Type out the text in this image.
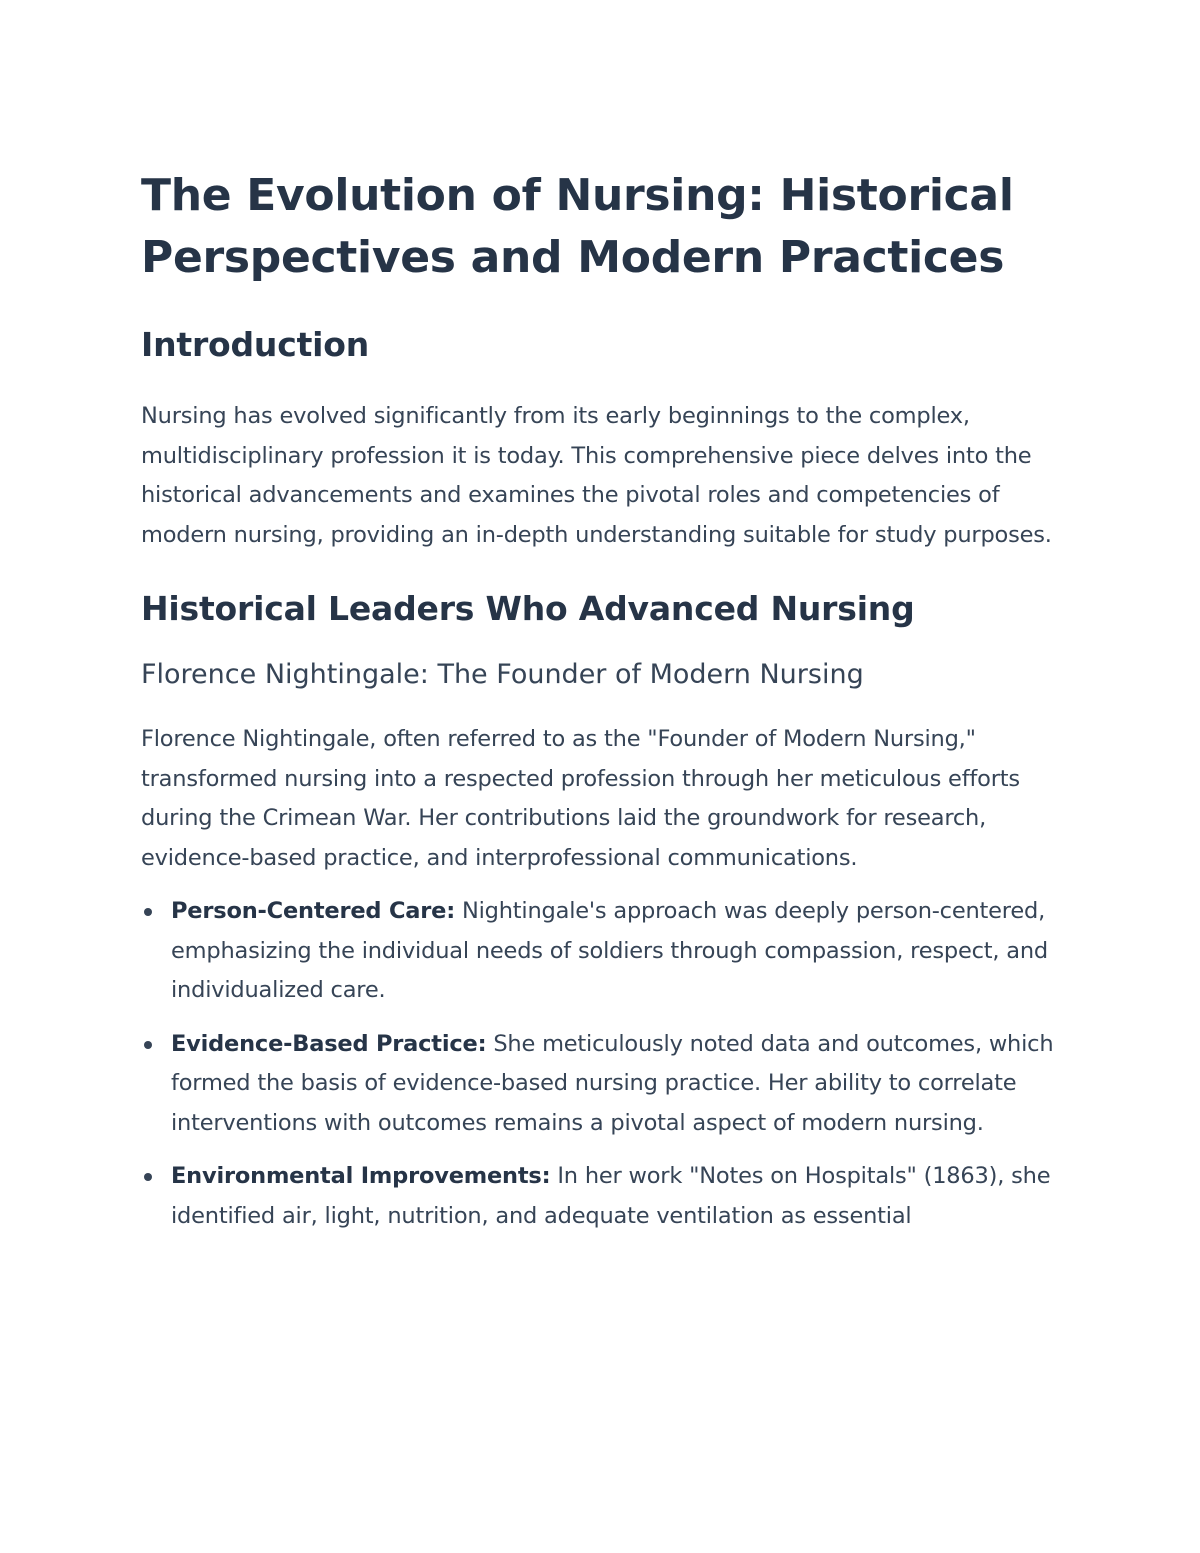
The Evolution of Nursing: Historical Perspectives and Modern Practices
Introduction

Nursing has evolved significantly from its early beginnings to the complex, multidisciplinary profession it is today. This comprehensive piece delves into the historical advancements and examines the pivotal roles and competencies of modern nursing, providing an in-depth understanding suitable for study purposes.

Historical Leaders Who Advanced Nursing
Florence Nightingale: The Founder of Modern Nursing

Florence Nightingale, often referred to as the "Founder of Modern Nursing," transformed nursing into a respected profession through her meticulous efforts during the Crimean War. Her contributions laid the groundwork for research, evidence-based practice, and interprofessional communications.

Person-Centered Care: Nightingale's approach was deeply person-centered, emphasizing the individual needs of soldiers through compassion, respect, and individualized care.
Evidence-Based Practice: She meticulously noted data and outcomes, which formed the basis of evidence-based nursing practice. Her ability to correlate interventions with outcomes remains a pivotal aspect of modern nursing.
Environmental Improvements: In her work "Notes on Hospitals" (1863), she identified air, light, nutrition, and adequate ventilation as essential
